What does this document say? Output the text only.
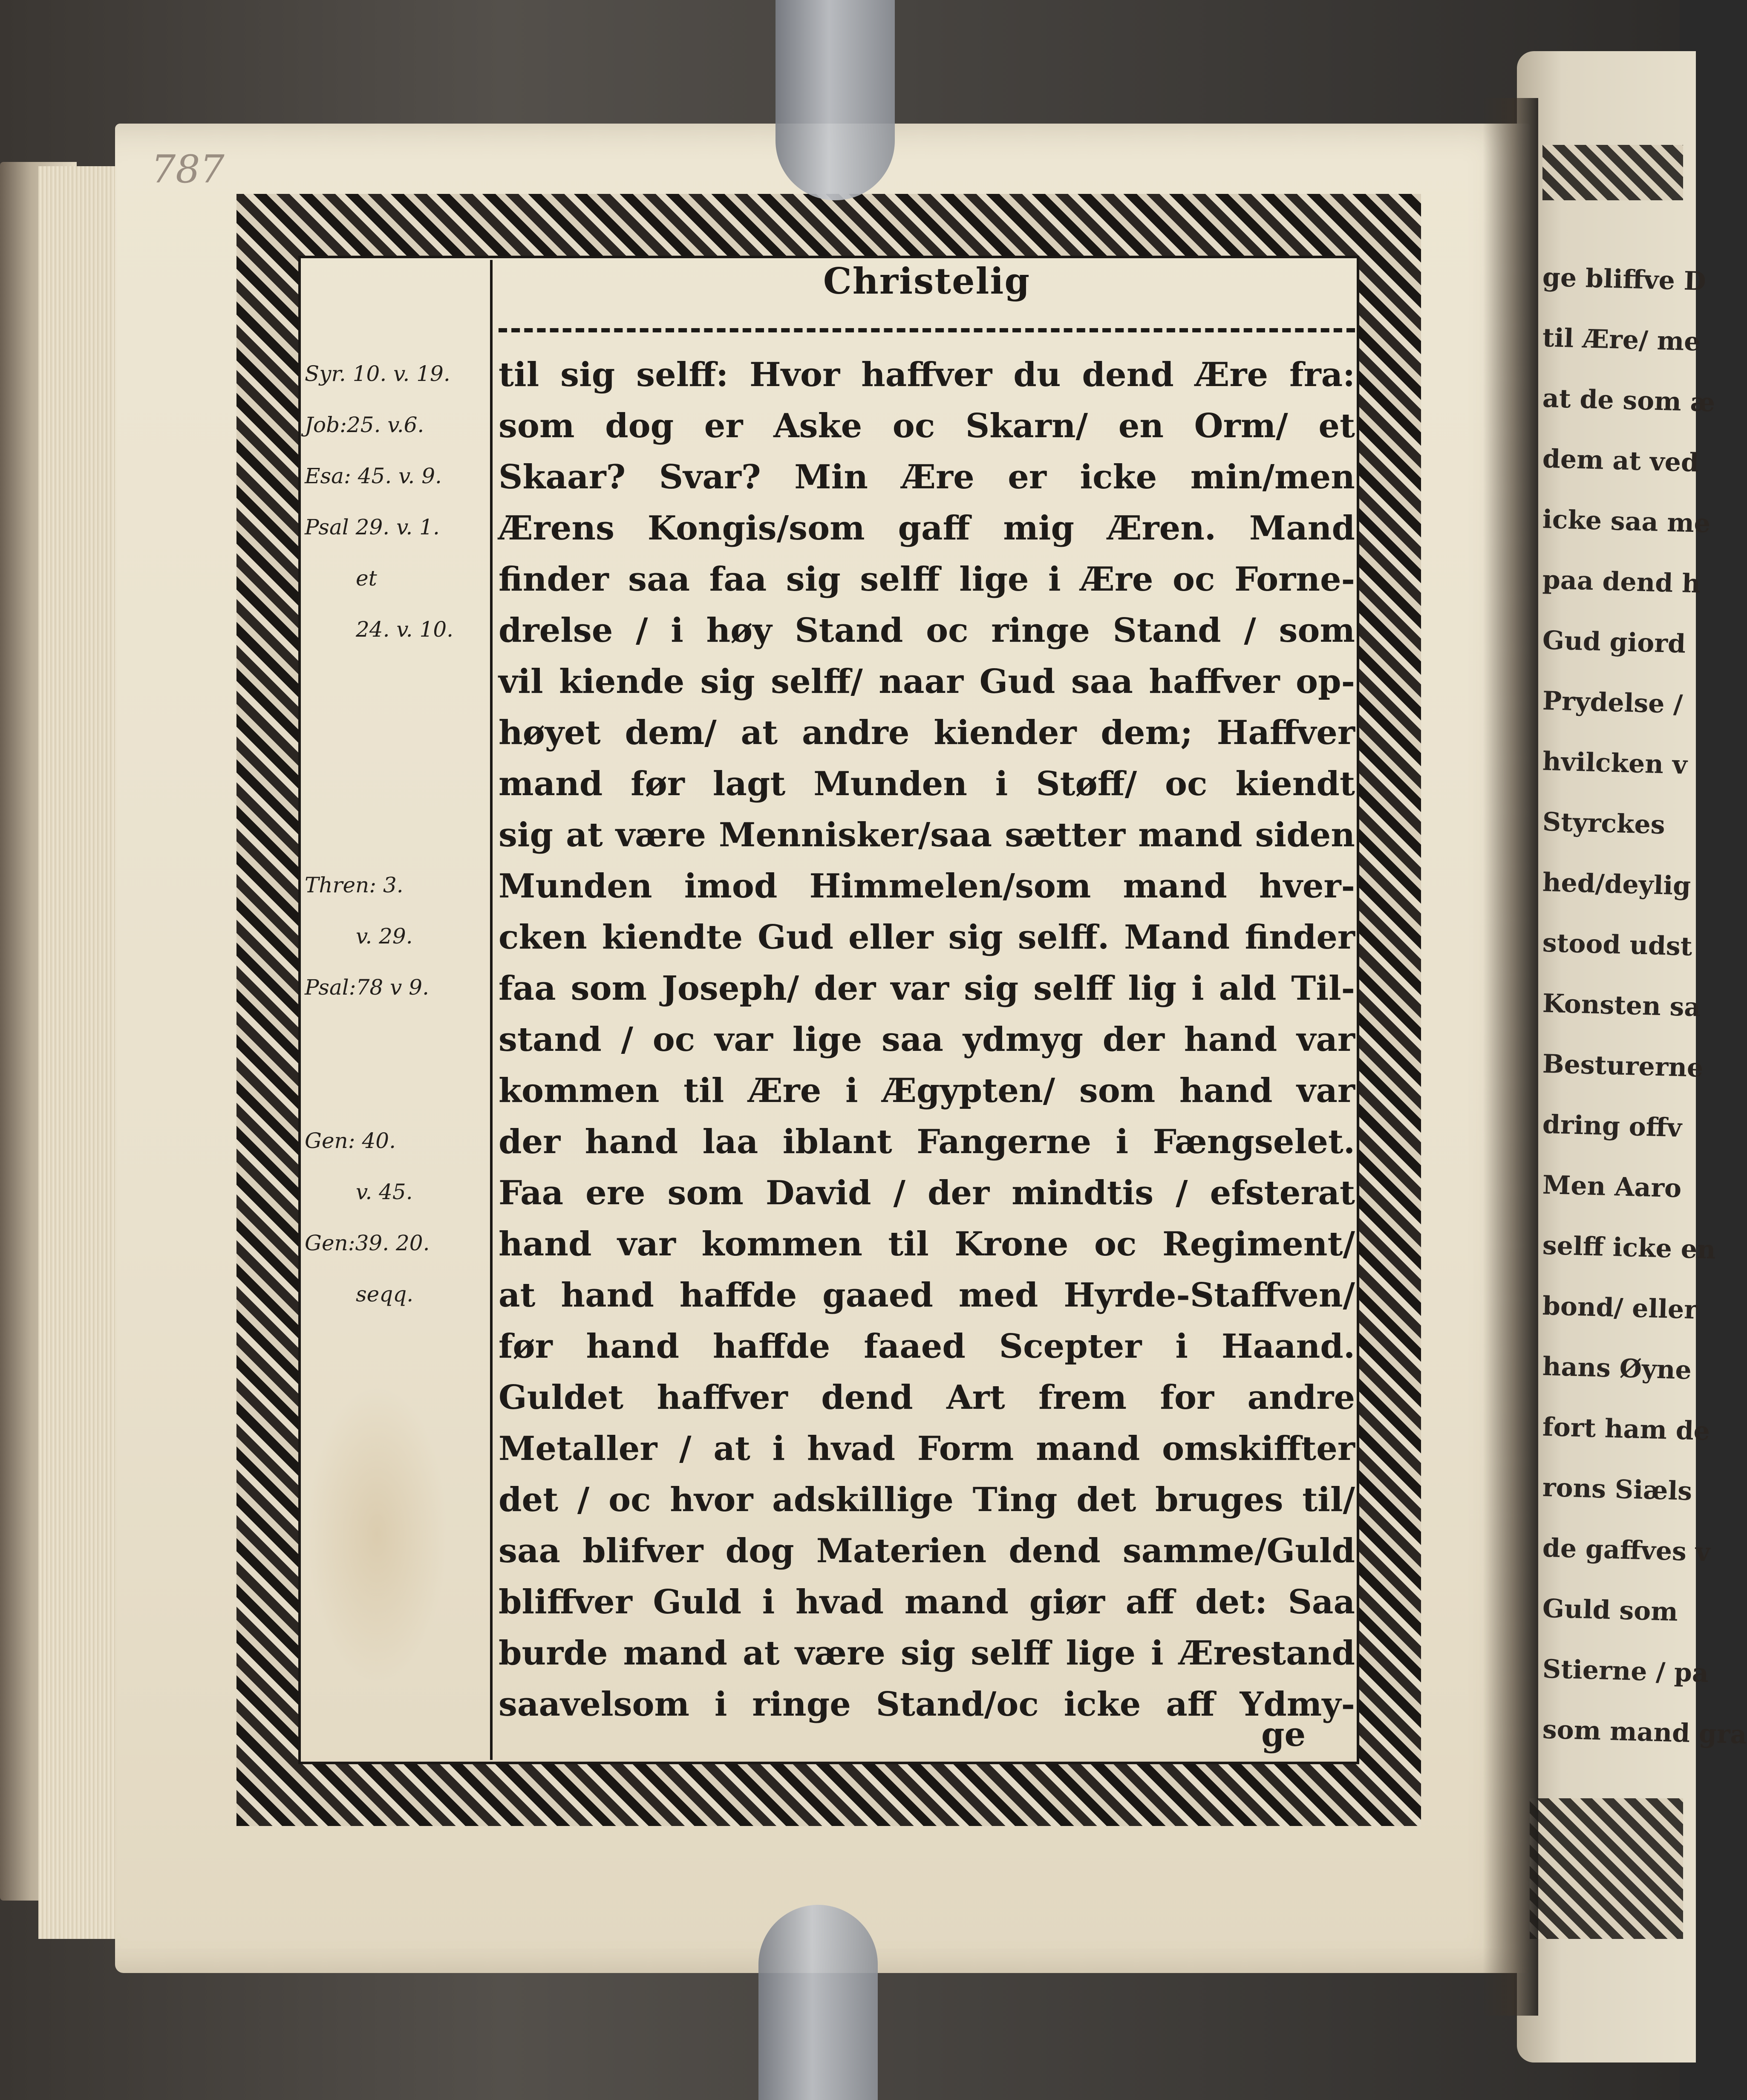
ge bliffve D
til Ære/ me
at de som æ
dem at ved
icke saa me
paa dend h
Gud giord
Prydelse /
hvilcken v
Styrckes
hed/deylig
stood udst
Konsten sa
Besturerne
dring offv
Men Aaro
selff icke en
bond/ eller
hans Øyne
fort ham de
rons Siæls
de gaffves v
Guld som
Stierne / pa
som mand gra
787
Christelig
Syr. 10. v. 19.
Job:25. v.6.
Esa: 45. v. 9.
Psal 29. v. 1.
et
24. v. 10.
Thren: 3.
v. 29.
Psal:78 v 9.
Gen: 40.
v. 45.
Gen:39. 20.
seqq.
til sig selff: Hvor haffver du dend Ære fra:
som dog er Aske oc Skarn/ en Orm/ et
Skaar? Svar? Min Ære er icke min/men
Ærens Kongis/som gaff mig Æren. Mand
finder saa faa sig selff lige i Ære oc Forne-
drelse / i høy Stand oc ringe Stand / som
vil kiende sig selff/ naar Gud saa haffver op-
høyet dem/ at andre kiender dem; Haffver
mand før lagt Munden i Støff/ oc kiendt
sig at være Mennisker/saa sætter mand siden
Munden imod Himmelen/som mand hver-
cken kiendte Gud eller sig selff. Mand finder
faa som Joseph/ der var sig selff lig i ald Til-
stand / oc var lige saa ydmyg der hand var
kommen til Ære i Ægypten/ som hand var
der hand laa iblant Fangerne i Fængselet.
Faa ere som David / der mindtis / efsterat
hand var kommen til Krone oc Regiment/
at hand haffde gaaed med Hyrde-Staffven/
før hand haffde faaed Scepter i Haand.
Guldet haffver dend Art frem for andre
Metaller / at i hvad Form mand omskiffter
det / oc hvor adskillige Ting det bruges til/
saa blifver dog Materien dend samme/Guld
bliffver Guld i hvad mand giør aff det: Saa
burde mand at være sig selff lige i Ærestand
saavelsom i ringe Stand/oc icke aff Ydmy-
ge
